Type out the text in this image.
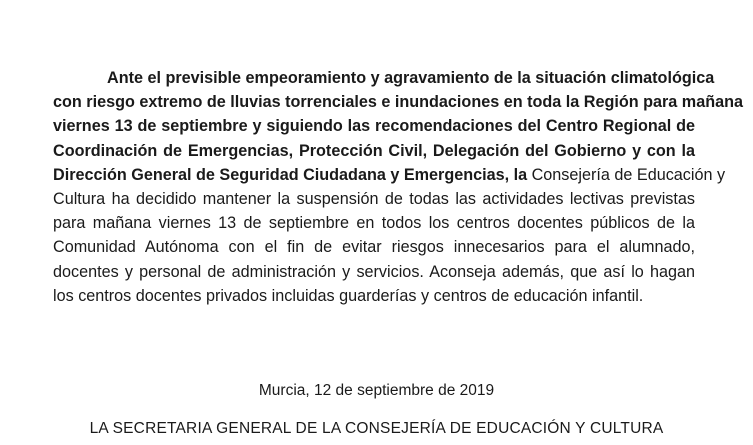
Ante el previsible empeoramiento y agravamiento de la situación climatológica
con riesgo extremo de lluvias torrenciales e inundaciones en toda la Región para mañana
viernes 13 de septiembre y siguiendo las recomendaciones del Centro Regional de
Coordinación de Emergencias, Protección Civil, Delegación del Gobierno y con la
Dirección General de Seguridad Ciudadana y Emergencias, la Consejería de Educación y
Cultura ha decidido mantener la suspensión de todas las actividades lectivas previstas
para mañana viernes 13 de septiembre en todos los centros docentes públicos de la
Comunidad Autónoma con el fin de evitar riesgos innecesarios para el alumnado,
docentes y personal de administración y servicios. Aconseja además, que así lo hagan
los centros docentes privados incluidas guarderías y centros de educación infantil.

Murcia, 12 de septiembre de 2019

LA SECRETARIA GENERAL DE LA CONSEJERÍA DE EDUCACIÓN Y CULTURA
